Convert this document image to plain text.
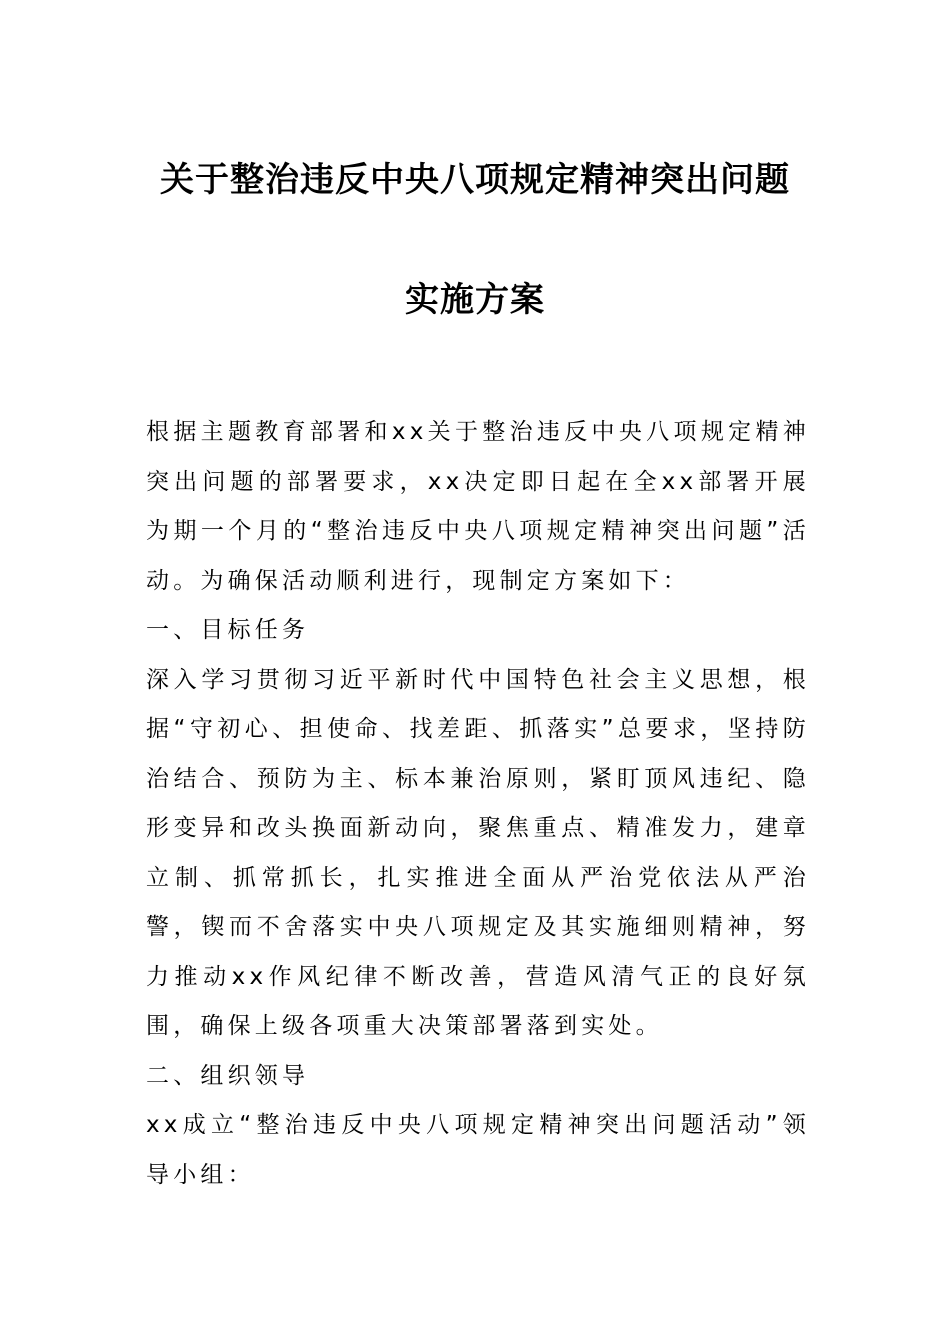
关于整治违反中央八项规定精神突出问题
实施方案

根据主题教育部署和xx关于整治违反中央八项规定精神突出问题的部署要求，xx决定即日起在全xx部署开展为期一个月的“整治违反中央八项规定精神突出问题”活动。为确保活动顺利进行，现制定方案如下：

一、目标任务

深入学习贯彻习近平新时代中国特色社会主义思想，根据“守初心、担使命、找差距、抓落实”总要求，坚持防治结合、预防为主、标本兼治原则，紧盯顶风违纪、隐形变异和改头换面新动向，聚焦重点、精准发力，建章立制、抓常抓长，扎实推进全面从严治党依法从严治警，锲而不舍落实中央八项规定及其实施细则精神，努力推动xx作风纪律不断改善，营造风清气正的良好氛围，确保上级各项重大决策部署落到实处。

二、组织领导

xx成立“整治违反中央八项规定精神突出问题活动”领导小组：
